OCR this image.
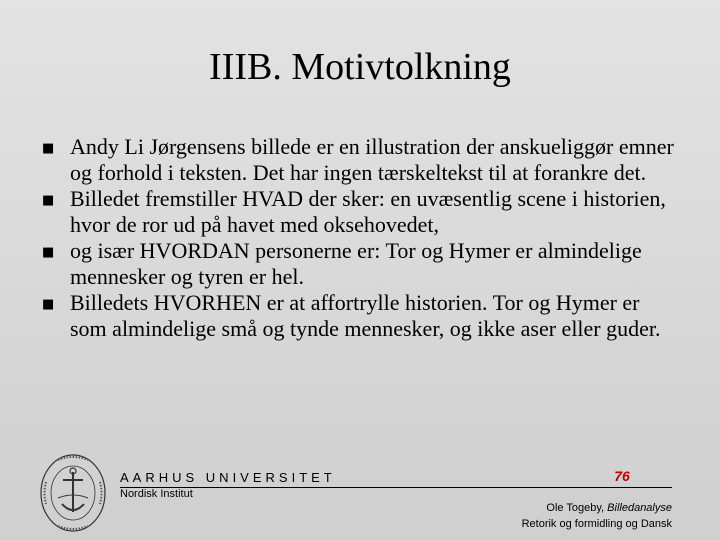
IIIB. Motivtolkning
■ Andy Li Jørgensens billede er en illustration der anskueliggør emner og forhold i teksten. Det har ingen tærskeltekst til at forankre det.
■ Billedet fremstiller HVAD der sker: en uvæsentlig scene i historien, hvor de ror ud på havet med oksehovedet,
■ og især HVORDAN personerne er: Tor og Hymer er almindelige mennesker og tyren er hel.
■ Billedets HVORHEN er at affortrylle historien. Tor og Hymer er som almindelige små og tynde mennesker, og ikke aser eller guder.
AARHUS UNIVERSITET
Nordisk Institut
76
Ole Togeby, Billedanalyse
Retorik og formidling og Dansk
